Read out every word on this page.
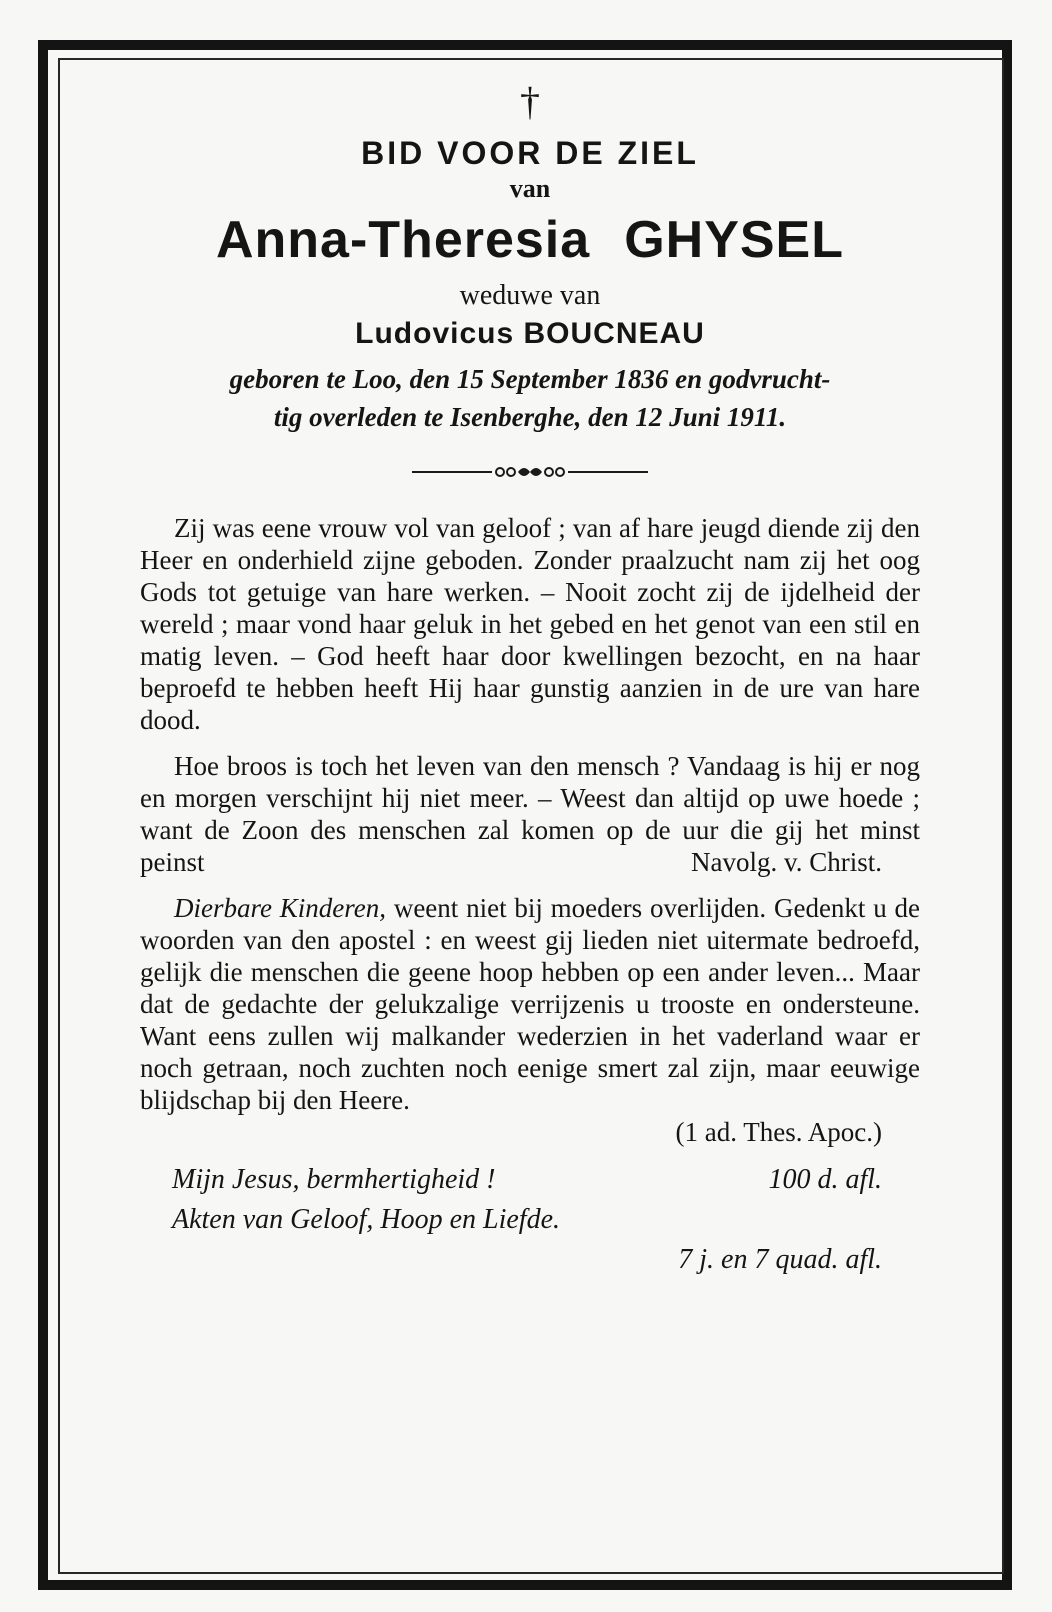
†
BID VOOR DE ZIEL
van
Anna-Theresia GHYSEL
weduwe van
Ludovicus BOUCNEAU
geboren te Loo, den 15 September 1836 en godvrucht-
tig overleden te Isenberghe, den 12 Juni 1911.

Zij was eene vrouw vol van geloof ; van af hare jeugd diende zij den Heer en onderhield zijne geboden. Zonder praalzucht nam zij het oog Gods tot getuige van hare werken. – Nooit zocht zij de ijdelheid der wereld ; maar vond haar geluk in het gebed en het genot van een stil en matig leven. – God heeft haar door kwellingen bezocht, en na haar beproefd te hebben heeft Hij haar gunstig aanzien in de ure van hare dood.

Hoe broos is toch het leven van den mensch ? Vandaag is hij er nog en morgen verschijnt hij niet meer. – Weest dan altijd op uwe hoede ; want de Zoon des menschen zal komen op de uur die gij het minst peinst	Navolg. v. Christ.

Dierbare Kinderen, weent niet bij moeders overlijden. Gedenkt u de woorden van den apostel : en weest gij lieden niet uitermate bedroefd, gelijk die menschen die geene hoop hebben op een ander leven... Maar dat de gedachte der gelukzalige verrijzenis u trooste en ondersteune. Want eens zullen wij malkander wederzien in het vaderland waar er noch getraan, noch zuchten noch eenige smert zal zijn, maar eeuwige blijdschap bij den Heere.

(1 ad. Thes. Apoc.)
Mijn Jesus, bermhertigheid !	100 d. afl.
Akten van Geloof, Hoop en Liefde.
7 j. en 7 quad. afl.
